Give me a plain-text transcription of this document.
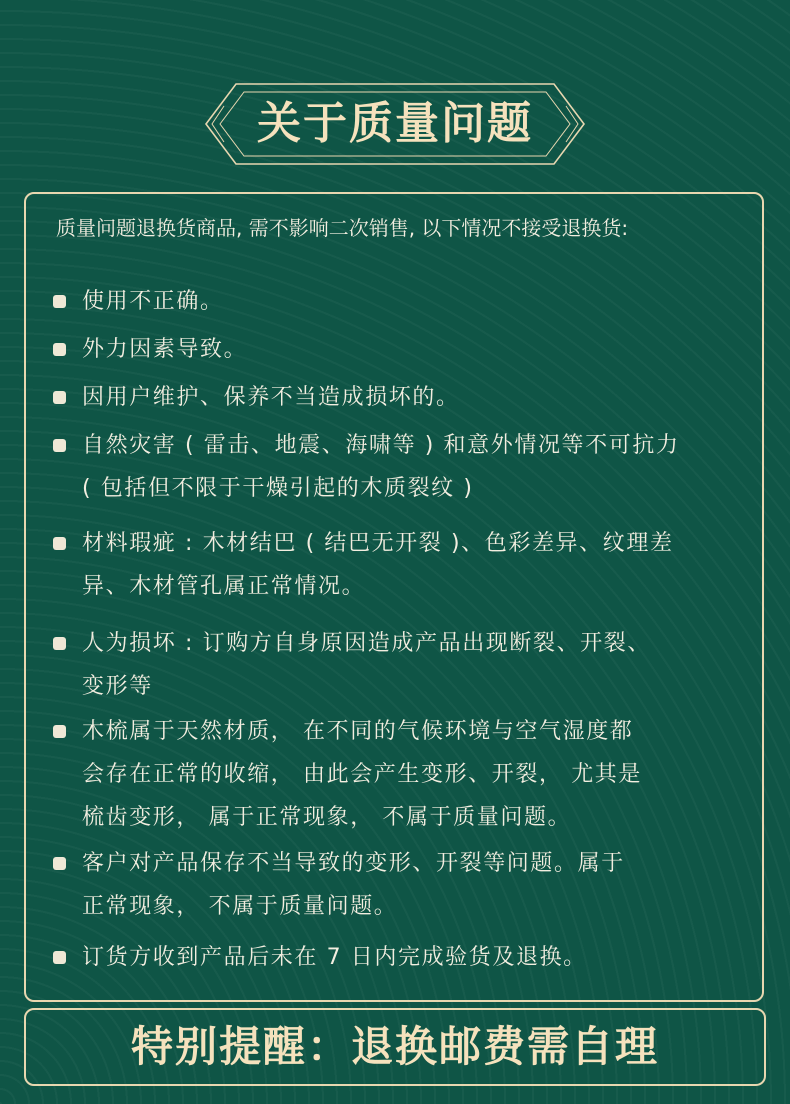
关于质量问题
质量问题退换货商品, 需不影响二次销售, 以下情况不接受退换货:
使用不正确。
外力因素导致。
因用户维护、保养不当造成损坏的。
自然灾害 ( 雷击、地震、海啸等 ) 和意外情况等不可抗力
( 包括但不限于干燥引起的木质裂纹 )
材料瑕疵 : 木材结巴 ( 结巴无开裂 )、色彩差异、纹理差
异、木材管孔属正常情况。
人为损坏 : 订购方自身原因造成产品出现断裂、开裂、
变形等
木梳属于天然材质， 在不同的气候环境与空气湿度都
会存在正常的收缩， 由此会产生变形、开裂， 尤其是
梳齿变形， 属于正常现象， 不属于质量问题。
客户对产品保存不当导致的变形、开裂等问题。属于
正常现象， 不属于质量问题。
订货方收到产品后未在 7 日内完成验货及退换。
特别提醒：退换邮费需自理
